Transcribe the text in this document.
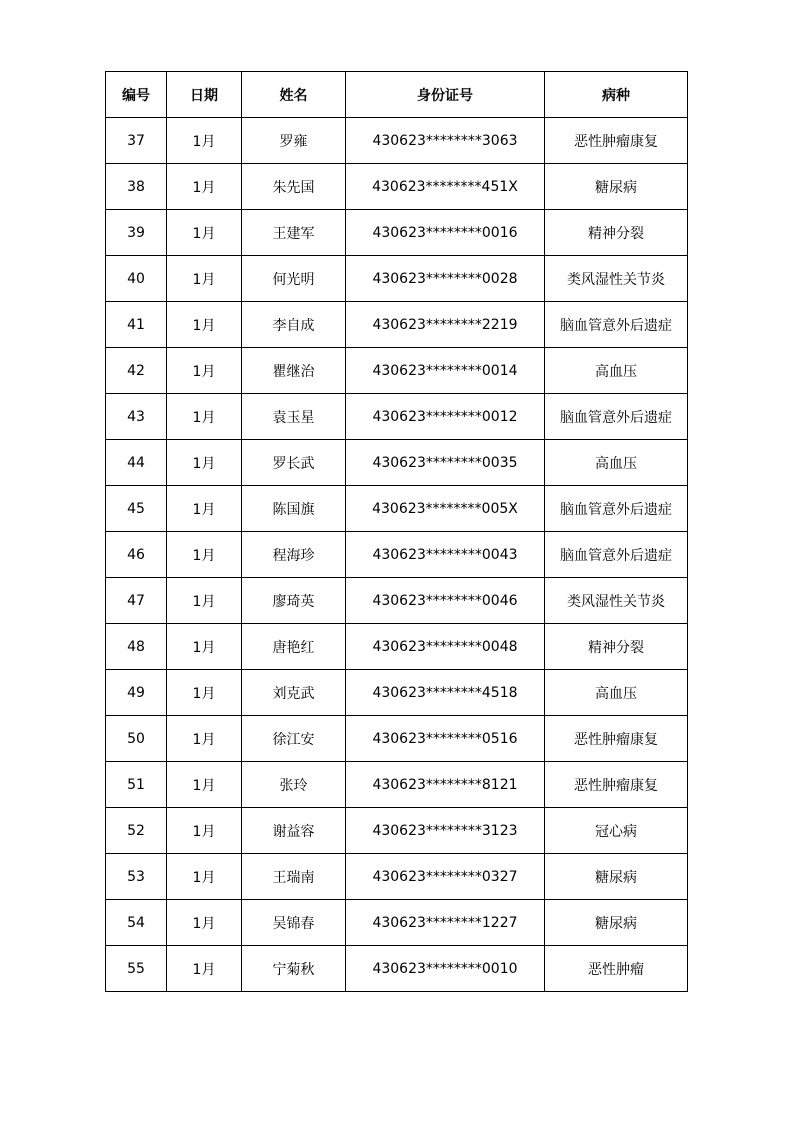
编号	日期	姓名	身份证号	病种
37	1月	罗雍	430623********3063	恶性肿瘤康复
38	1月	朱先国	430623********451X	糖尿病
39	1月	王建军	430623********0016	精神分裂
40	1月	何光明	430623********0028	类风湿性关节炎
41	1月	李自成	430623********2219	脑血管意外后遗症
42	1月	瞿继治	430623********0014	高血压
43	1月	袁玉星	430623********0012	脑血管意外后遗症
44	1月	罗长武	430623********0035	高血压
45	1月	陈国旗	430623********005X	脑血管意外后遗症
46	1月	程海珍	430623********0043	脑血管意外后遗症
47	1月	廖琦英	430623********0046	类风湿性关节炎
48	1月	唐艳红	430623********0048	精神分裂
49	1月	刘克武	430623********4518	高血压
50	1月	徐江安	430623********0516	恶性肿瘤康复
51	1月	张玲	430623********8121	恶性肿瘤康复
52	1月	谢益容	430623********3123	冠心病
53	1月	王瑞南	430623********0327	糖尿病
54	1月	吴锦春	430623********1227	糖尿病
55	1月	宁菊秋	430623********0010	恶性肿瘤
